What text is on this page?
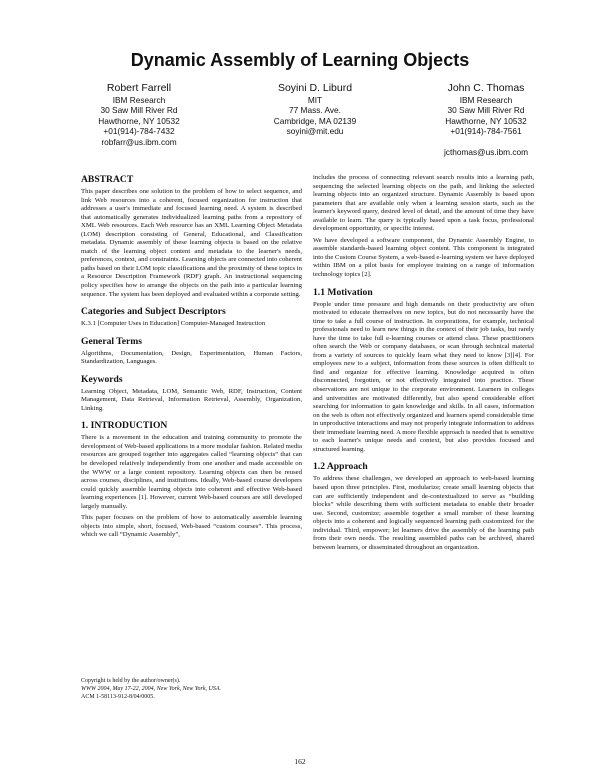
Dynamic Assembly of Learning Objects
Robert Farrell
IBM Research
30 Saw Mill River Rd
Hawthorne, NY 10532
+01(914)-784-7432
robfarr@us.ibm.com
Soyini D. Liburd
MIT
77 Mass. Ave.
Cambridge, MA 02139
soyini@mit.edu
John C. Thomas
IBM Research
30 Saw Mill River Rd
Hawthorne, NY 10532
+01(914)-784-7561
jcthomas@us.ibm.com
ABSTRACT

This paper describes one solution to the problem of how to select sequence, and link Web resources into a coherent, focused organization for instruction that addresses a user's immediate and focused learning need. A system is described that automatically generates individualized learning paths from a repository of XML Web resources. Each Web resource has an XML Learning Object Metadata (LOM) description consisting of General, Educational, and Classification metadata. Dynamic assembly of these learning objects is based on the relative match of the learning object content and metadata to the learner's needs, preferences, context, and constraints. Learning objects are connected into coherent paths based on their LOM topic classifications and the proximity of these topics in a Resource Description Framework (RDF) graph. An instructional sequencing policy specifies how to arrange the objects on the path into a particular learning sequence. The system has been deployed and evaluated within a corporate setting.

Categories and Subject Descriptors

K.3.1 [Computer Uses in Education] Computer-Managed Instruction

General Terms

Algorithms, Documentation, Design, Experimentation, Human Factors, Standardization, Languages.

Keywords

Learning Object, Metadata, LOM, Semantic Web, RDF, Instruction, Content Management, Data Retrieval, Information Retrieval, Assembly, Organization, Linking.

1. INTRODUCTION

There is a movement in the education and training community to promote the development of Web-based applications in a more modular fashion. Related media resources are grouped together into aggregates called “learning objects” that can be developed relatively independently from one another and made accessible on the WWW or a large content repository. Learning objects can then be reused across courses, disciplines, and institutions. Ideally, Web-based course developers could quickly assemble learning objects into coherent and effective Web-based learning experiences [1]. However, current Web-based courses are still developed largely manually.

This paper focuses on the problem of how to automatically assemble learning objects into simple, short, focused, Web-based “custom courses”. This process, which we call “Dynamic Assembly”,

Copyright is held by the author/owner(s).
WWW 2004, May 17-22, 2004, New York, New York, USA.
ACM 1-58113-912-8/04/0005.

includes the process of connecting relevant search results into a learning path, sequencing the selected learning objects on the path, and linking the selected learning objects into an organized structure. Dynamic Assembly is based upon parameters that are available only when a learning session starts, such as the learner's keyword query, desired level of detail, and the amount of time they have available to learn. The query is typically based upon a task focus, professional development opportunity, or specific interest.

We have developed a software component, the Dynamic Assembly Engine, to assemble standards-based learning object content. This component is integrated into the Custom Course System, a web-based e-learning system we have deployed within IBM on a pilot basis for employee training on a range of information technology topics [2].

1.1 Motivation

People under time pressure and high demands on their productivity are often motivated to educate themselves on new topics, but do not necessarily have the time to take a full course of instruction. In corporations, for example, technical professionals need to learn new things in the context of their job tasks, but rarely have the time to take full e-learning courses or attend class. These practitioners often search the Web or company databases, or scan through technical material from a variety of sources to quickly learn what they need to know [3][4]. For employees new to a subject, information from these sources is often difficult to find and organize for effective learning. Knowledge acquired is often disconnected, forgotten, or not effectively integrated into practice. These observations are not unique to the corporate environment. Learners in colleges and universities are motivated differently, but also spend considerable effort searching for information to gain knowledge and skills. In all cases, information on the web is often not effectively organized and learners spend considerable time in unproductive interactions and may not properly integrate information to address their immediate learning need. A more flexible approach is needed that is sensitive to each learner's unique needs and context, but also provides focused and structured learning.

1.2 Approach

To address these challenges, we developed an approach to web-based learning based upon three principles. First, modularize; create small learning objects that can are sufficiently independent and de-contextualized to serve as “building blocks” while describing them with sufficient metadata to enable their broader use. Second, customize; assemble together a small number of these learning objects into a coherent and logically sequenced learning path customized for the individual. Third, empower; let learners drive the assembly of the learning path from their own needs. The resulting assembled paths can be archived, shared between learners, or disseminated throughout an organization.

162
